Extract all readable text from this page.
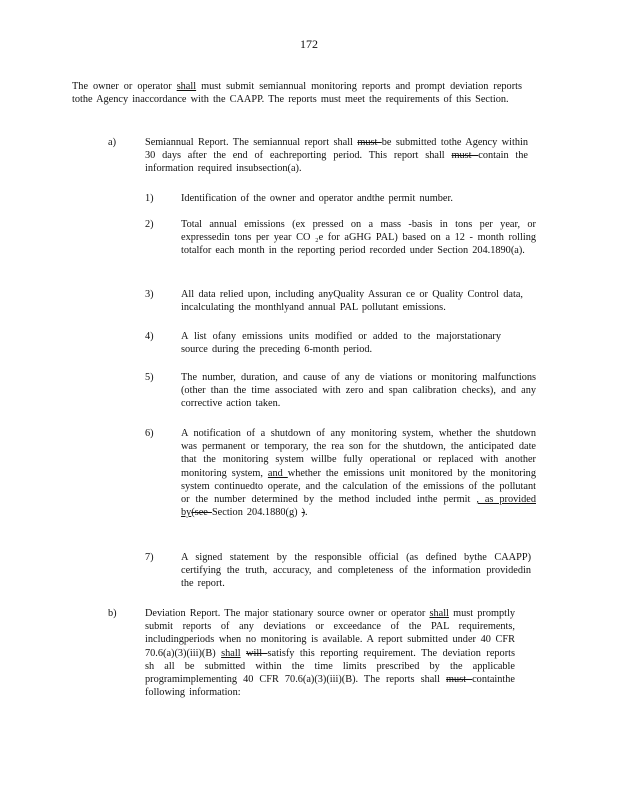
172
The owner or operator shall must submit semiannual monitoring reports and prompt deviation reports tothe Agency inaccordance with the CAAPP. The reports must meet the requirements of this Section.
a)	Semiannual Report. The semiannual report shall must be submitted tothe Agency within 30 days after the end of eachreporting period. This report shall must contain the information required insubsection(a).
1)	Identification of the owner and operator andthe permit number.
2)	Total annual emissions (ex pressed on a mass -basis in tons per year, or expressedin tons per year CO ₂e for aGHG PAL) based on a 12 - month rolling totalfor each month in the reporting period recorded under Section 204.1890(a).
3)	All data relied upon, including anyQuality Assuran ce or Quality Control data, incalculating the monthlyand annual PAL pollutant emissions.
4)	A list ofany emissions units modified or added to the majorstationary source during the preceding 6-month period.
5)	The number, duration, and cause of any de viations or monitoring malfunctions (other than the time associated with zero and span calibration checks), and any corrective action taken.
6)	A notification of a shutdown of any monitoring system, whether the shutdown was permanent or temporary, the rea son for the shutdown, the anticipated date that the monitoring system willbe fully operational or replaced with another monitoring system, and whether the emissions unit monitored by the monitoring system continuedto operate, and the calculation of the emissions of the pollutant or the number determined by the method included inthe permit , as provided by(see Section 204.1880(g) ).
7)	A signed statement by the responsible official (as defined bythe CAAPP) certifying the truth, accuracy, and completeness of the information providedin the report.
b)	Deviation Report. The major stationary source owner or operator shall must promptly submit reports of any deviations or exceedance of the PAL requirements, includingperiods when no monitoring is available. A report submitted under 40 CFR 70.6(a)(3)(iii)(B) shall will satisfy this reporting requirement. The deviation reports sh all be submitted within the time limits prescribed by the applicable programimplementing 40 CFR 70.6(a)(3)(iii)(B). The reports shall must containthe following information:
